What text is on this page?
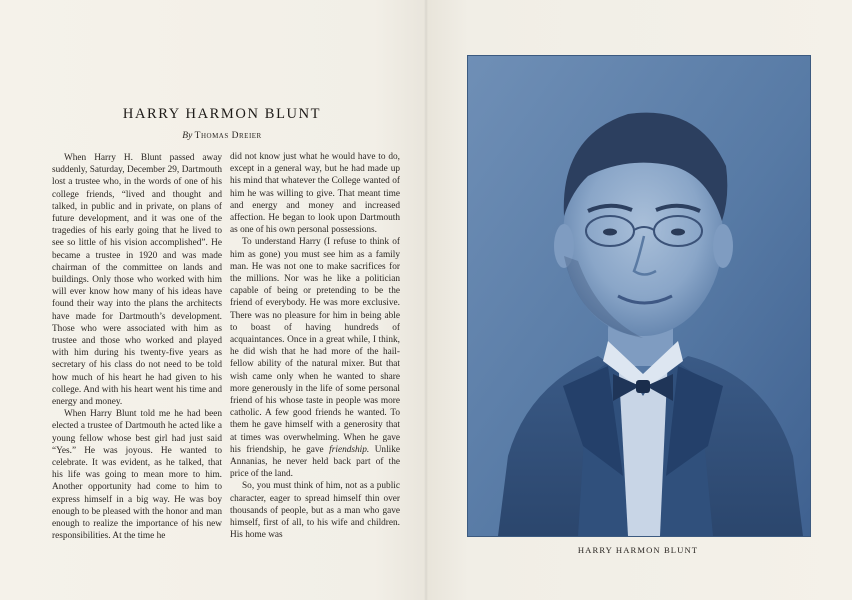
HARRY HARMON BLUNT
By Thomas Dreier

When Harry H. Blunt passed away suddenly, Saturday, December 29, Dartmouth lost a trustee who, in the words of one of his college friends, “lived and thought and talked, in public and in private, on plans of future development, and it was one of the tragedies of his early going that he lived to see so little of his vision accomplished”. He became a trustee in 1920 and was made chairman of the committee on lands and buildings. Only those who worked with him will ever know how many of his ideas have found their way into the plans the architects have made for Dartmouth’s development. Those who were associated with him as trustee and those who worked and played with him during his twenty-five years as secretary of his class do not need to be told how much of his heart he had given to his college. And with his heart went his time and energy and money.

When Harry Blunt told me he had been elected a trustee of Dartmouth he acted like a young fellow whose best girl had just said “Yes.” He was joyous. He wanted to celebrate. It was evident, as he talked, that his life was going to mean more to him. Another opportunity had come to him to express himself in a big way. He was boy enough to be pleased with the honor and man enough to realize the importance of his new responsibilities. At the time he

did not know just what he would have to do, except in a general way, but he had made up his mind that whatever the College wanted of him he was willing to give. That meant time and energy and money and increased affection. He began to look upon Dartmouth as one of his own personal possessions.

To understand Harry (I refuse to think of him as gone) you must see him as a family man. He was not one to make sacrifices for the millions. Nor was he like a politician capable of being or pretending to be the friend of everybody. He was more exclusive. There was no pleasure for him in being able to boast of having hundreds of acquaintances. Once in a great while, I think, he did wish that he had more of the hail-fellow ability of the natural mixer. But that wish came only when he wanted to share more generously in the life of some personal friend of his whose taste in people was more catholic. A few good friends he wanted. To them he gave himself with a generosity that at times was overwhelming. When he gave his friendship, he gave friendship. Unlike Annanias, he never held back part of the price of the land.

So, you must think of him, not as a public character, eager to spread himself thin over thousands of people, but as a man who gave himself, first of all, to his wife and children. His home was

HARRY HARMON BLUNT
